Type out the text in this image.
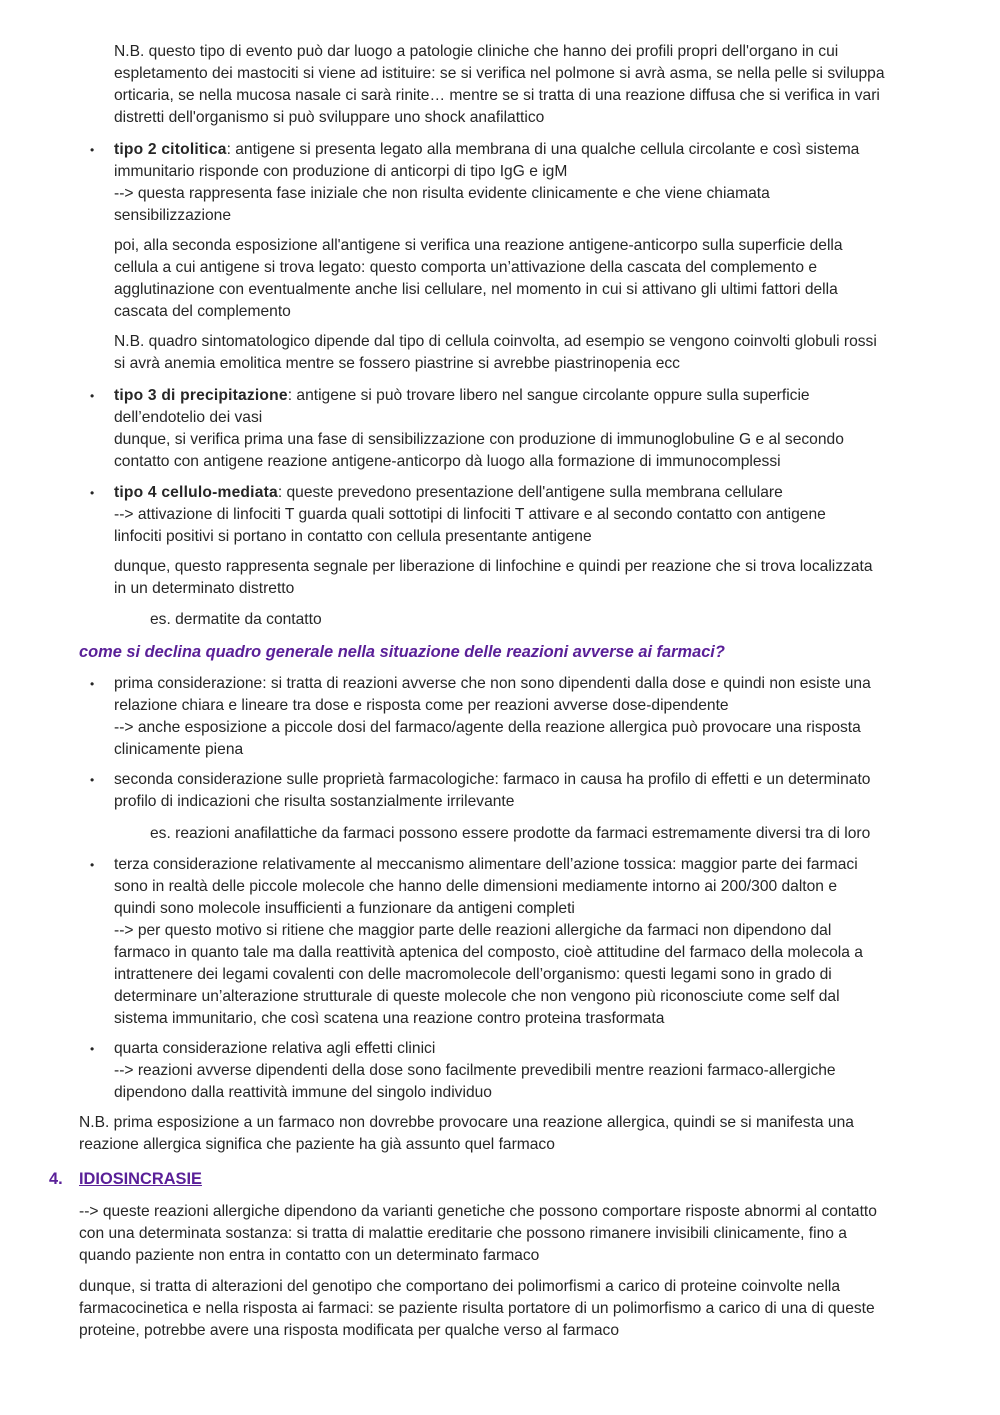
N.B. questo tipo di evento può dar luogo a patologie cliniche che hanno dei profili propri dell'organo in cui
espletamento dei mastociti si viene ad istituire: se si verifica nel polmone si avrà asma, se nella pelle si sviluppa
orticaria, se nella mucosa nasale ci sarà rinite… mentre se si tratta di una reazione diffusa che si verifica in vari
distretti dell'organismo si può sviluppare uno shock anafilattico
•	tipo 2 citolitica: antigene si presenta legato alla membrana di una qualche cellula circolante e così sistema
immunitario risponde con produzione di anticorpi di tipo IgG e igM
--> questa rappresenta fase iniziale che non risulta evidente clinicamente e che viene chiamata
sensibilizzazione
poi, alla seconda esposizione all'antigene si verifica una reazione antigene-anticorpo sulla superficie della
cellula a cui antigene si trova legato: questo comporta un’attivazione della cascata del complemento e
agglutinazione con eventualmente anche lisi cellulare, nel momento in cui si attivano gli ultimi fattori della
cascata del complemento
N.B. quadro sintomatologico dipende dal tipo di cellula coinvolta, ad esempio se vengono coinvolti globuli rossi
si avrà anemia emolitica mentre se fossero piastrine si avrebbe piastrinopenia ecc
•	tipo 3 di precipitazione: antigene si può trovare libero nel sangue circolante oppure sulla superficie
dell’endotelio dei vasi
dunque, si verifica prima una fase di sensibilizzazione con produzione di immunoglobuline G e al secondo
contatto con antigene reazione antigene-anticorpo dà luogo alla formazione di immunocomplessi
•	tipo 4 cellulo-mediata: queste prevedono presentazione dell'antigene sulla membrana cellulare
--> attivazione di linfociti T guarda quali sottotipi di linfociti T attivare e al secondo contatto con antigene
linfociti positivi si portano in contatto con cellula presentante antigene
dunque, questo rappresenta segnale per liberazione di linfochine e quindi per reazione che si trova localizzata
in un determinato distretto
es. dermatite da contatto
come si declina quadro generale nella situazione delle reazioni avverse ai farmaci?
•	prima considerazione: si tratta di reazioni avverse che non sono dipendenti dalla dose e quindi non esiste una
relazione chiara e lineare tra dose e risposta come per reazioni avverse dose-dipendente
--> anche esposizione a piccole dosi del farmaco/agente della reazione allergica può provocare una risposta
clinicamente piena
•	seconda considerazione sulle proprietà farmacologiche: farmaco in causa ha profilo di effetti e un determinato
profilo di indicazioni che risulta sostanzialmente irrilevante
es. reazioni anafilattiche da farmaci possono essere prodotte da farmaci estremamente diversi tra di loro
•	terza considerazione relativamente al meccanismo alimentare dell’azione tossica: maggior parte dei farmaci
sono in realtà delle piccole molecole che hanno delle dimensioni mediamente intorno ai 200/300 dalton e
quindi sono molecole insufficienti a funzionare da antigeni completi
--> per questo motivo si ritiene che maggior parte delle reazioni allergiche da farmaci non dipendono dal
farmaco in quanto tale ma dalla reattività aptenica del composto, cioè attitudine del farmaco della molecola a
intrattenere dei legami covalenti con delle macromolecole dell’organismo: questi legami sono in grado di
determinare un’alterazione strutturale di queste molecole che non vengono più riconosciute come self dal
sistema immunitario, che così scatena una reazione contro proteina trasformata
•	quarta considerazione relativa agli effetti clinici
--> reazioni avverse dipendenti della dose sono facilmente prevedibili mentre reazioni farmaco-allergiche
dipendono dalla reattività immune del singolo individuo
N.B. prima esposizione a un farmaco non dovrebbe provocare una reazione allergica, quindi se si manifesta una
reazione allergica significa che paziente ha già assunto quel farmaco
4. IDIOSINCRASIE
--> queste reazioni allergiche dipendono da varianti genetiche che possono comportare risposte abnormi al contatto
con una determinata sostanza: si tratta di malattie ereditarie che possono rimanere invisibili clinicamente, fino a
quando paziente non entra in contatto con un determinato farmaco
dunque, si tratta di alterazioni del genotipo che comportano dei polimorfismi a carico di proteine coinvolte nella
farmacocinetica e nella risposta ai farmaci: se paziente risulta portatore di un polimorfismo a carico di una di queste
proteine, potrebbe avere una risposta modificata per qualche verso al farmaco
